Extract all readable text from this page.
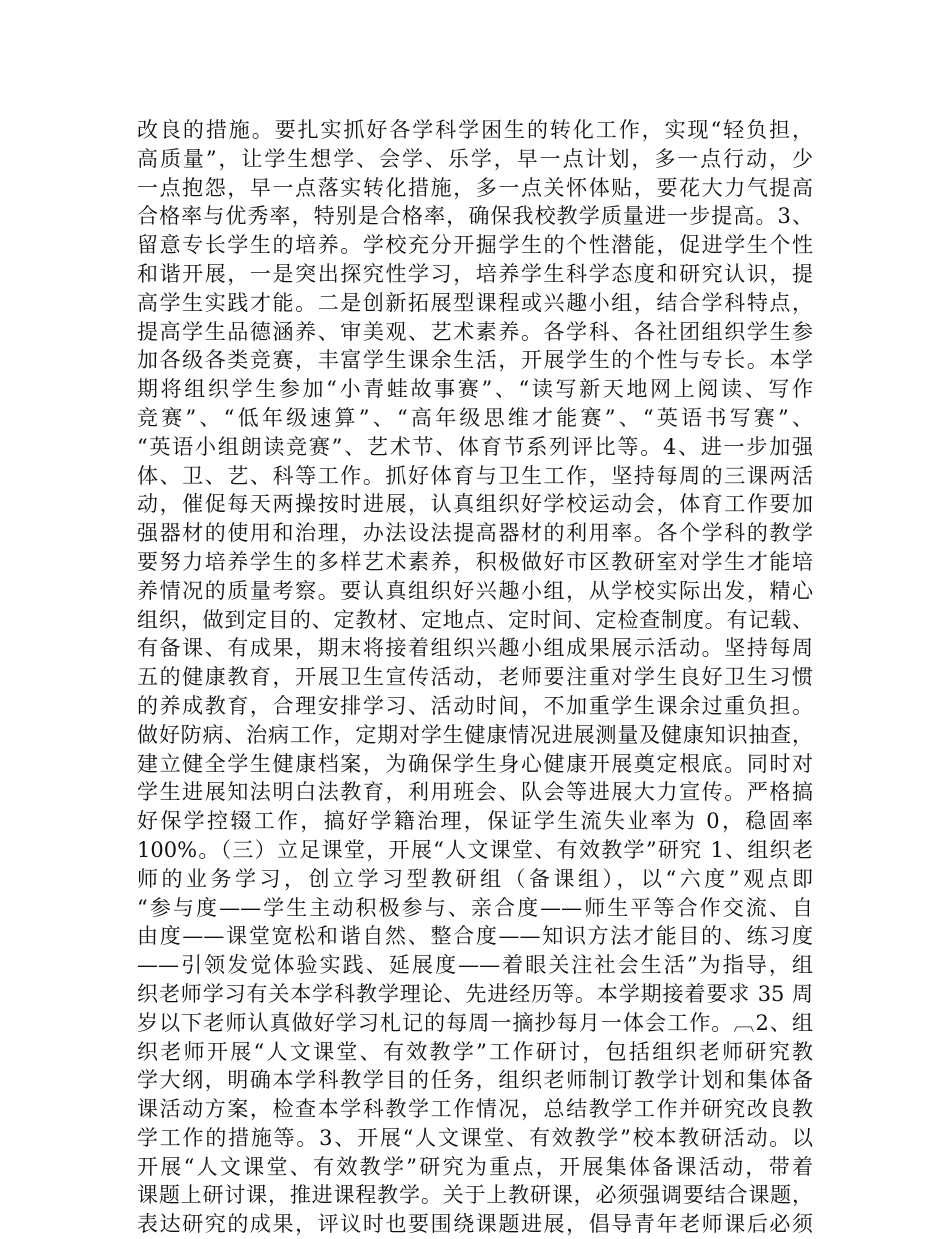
改良的措施。要扎实抓好各学科学困生的转化工作，实现“轻负担，
高质量”，让学生想学、会学、乐学，早一点计划，多一点行动，少
一点抱怨，早一点落实转化措施，多一点关怀体贴，要花大力气提高
合格率与优秀率，特别是合格率，确保我校教学质量进一步提高。3、
留意专长学生的培养。学校充分开掘学生的个性潜能，促进学生个性
和谐开展，一是突出探究性学习，培养学生科学态度和研究认识，提
高学生实践才能。二是创新拓展型课程或兴趣小组，结合学科特点，
提高学生品德涵养、审美观、艺术素养。各学科、各社团组织学生参
加各级各类竞赛，丰富学生课余生活，开展学生的个性与专长。本学
期将组织学生参加“小青蛙故事赛”、“读写新天地网上阅读、写作
竞赛”、“低年级速算”、“高年级思维才能赛”、“英语书写赛”、
“英语小组朗读竞赛”、艺术节、体育节系列评比等。4、进一步加强
体、卫、艺、科等工作。抓好体育与卫生工作，坚持每周的三课两活
动，催促每天两操按时进展，认真组织好学校运动会，体育工作要加
强器材的使用和治理，办法设法提高器材的利用率。各个学科的教学
要努力培养学生的多样艺术素养，积极做好市区教研室对学生才能培
养情况的质量考察。要认真组织好兴趣小组，从学校实际出发，精心
组织，做到定目的、定教材、定地点、定时间、定检查制度。有记载、
有备课、有成果，期末将接着组织兴趣小组成果展示活动。坚持每周
五的健康教育，开展卫生宣传活动，老师要注重对学生良好卫生习惯
的养成教育，合理安排学习、活动时间，不加重学生课余过重负担。
做好防病、治病工作，定期对学生健康情况进展测量及健康知识抽查，
建立健全学生健康档案，为确保学生身心健康开展奠定根底。同时对
学生进展知法明白法教育，利用班会、队会等进展大力宣传。严格搞
好保学控辍工作，搞好学籍治理，保证学生流失业率为 0，稳固率
100%。（三）立足课堂，开展“人文课堂、有效教学”研究 1、组织老
师的业务学习，创立学习型教研组（备课组），以“六度”观点即
“参与度——学生主动积极参与、亲合度——师生平等合作交流、自
由度——课堂宽松和谐自然、整合度——知识方法才能目的、练习度
——引领发觉体验实践、延展度——着眼关注社会生活”为指导，组
织老师学习有关本学科教学理论、先进经历等。本学期接着要求 35 周
岁以下老师认真做好学习札记的每周一摘抄每月一体会工作。︹2、组
织老师开展“人文课堂、有效教学”工作研讨，包括组织老师研究教
学大纲，明确本学科教学目的任务，组织老师制订教学计划和集体备
课活动方案，检查本学科教学工作情况，总结教学工作并研究改良教
学工作的措施等。3、开展“人文课堂、有效教学”校本教研活动。以
开展“人文课堂、有效教学”研究为重点，开展集体备课活动，带着
课题上研讨课，推进课程教学。关于上教研课，必须强调要结合课题，
表达研究的成果，评议时也要围绕课题进展，倡导青年老师课后必须
